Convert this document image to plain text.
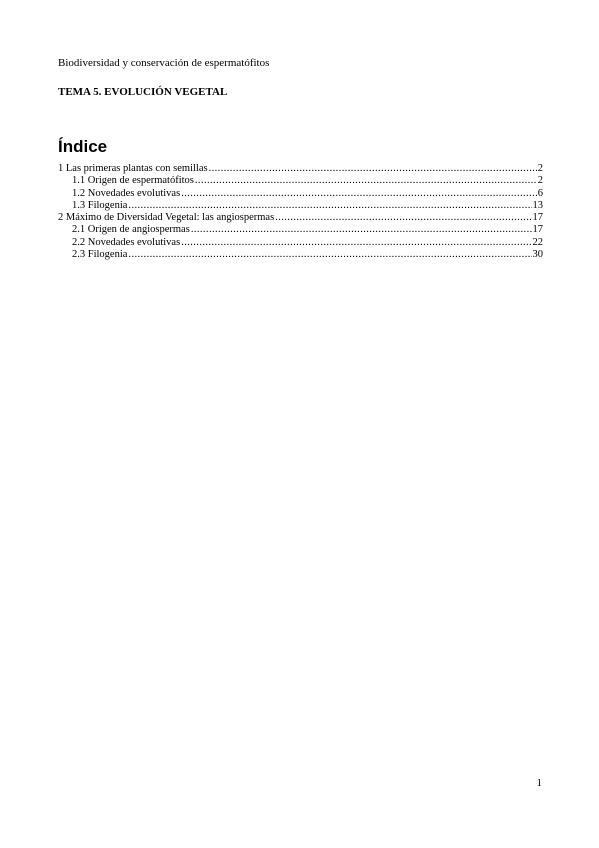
Biodiversidad y conservación de espermatófitos
TEMA 5. EVOLUCIÓN VEGETAL
Índice
1 Las primeras plantas con semillas .....	2
1.1 Origen de espermatófitos .....	2
1.2 Novedades evolutivas .....	6
1.3 Filogenia .....	13
2 Máximo de Diversidad Vegetal: las angiospermas .....	17
2.1 Origen de angiospermas .....	17
2.2 Novedades evolutivas .....	22
2.3 Filogenia .....	30
1
